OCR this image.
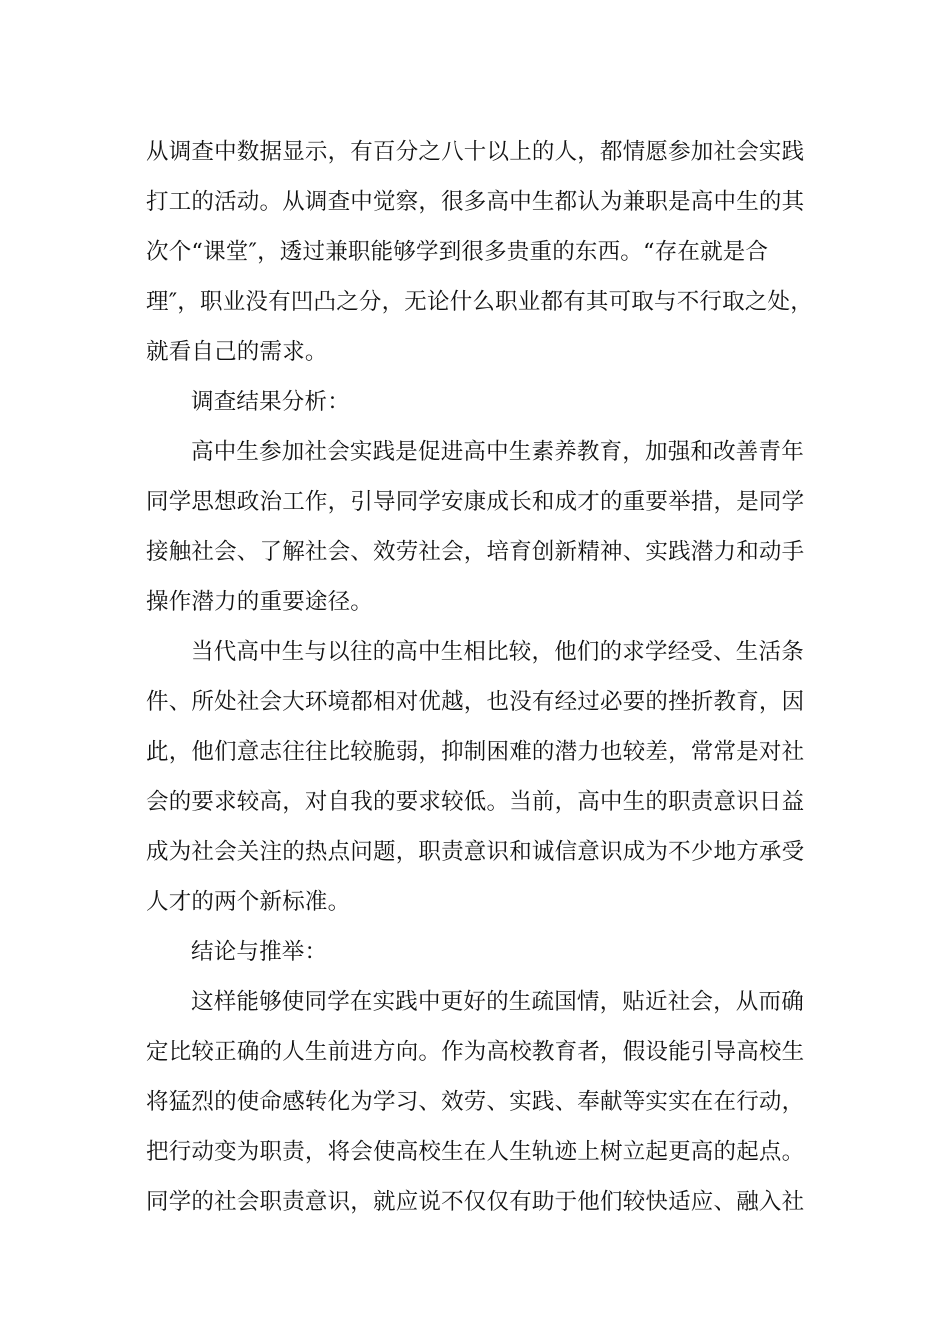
从调查中数据显示，有百分之八十以上的人，都情愿参加社会实践
打工的活动。从调查中觉察，很多高中生都认为兼职是高中生的其
次个“课堂″，透过兼职能够学到很多贵重的东西。“存在就是合
理″，职业没有凹凸之分，无论什么职业都有其可取与不行取之处，
就看自己的需求。
调查结果分析：
高中生参加社会实践是促进高中生素养教育，加强和改善青年
同学思想政治工作，引导同学安康成长和成才的重要举措，是同学
接触社会、了解社会、效劳社会，培育创新精神、实践潜力和动手
操作潜力的重要途径。
当代高中生与以往的高中生相比较，他们的求学经受、生活条
件、所处社会大环境都相对优越，也没有经过必要的挫折教育，因
此，他们意志往往比较脆弱，抑制困难的潜力也较差，常常是对社
会的要求较高，对自我的要求较低。当前，高中生的职责意识日益
成为社会关注的热点问题，职责意识和诚信意识成为不少地方承受
人才的两个新标准。
结论与推举：
这样能够使同学在实践中更好的生疏国情，贴近社会，从而确
定比较正确的人生前进方向。作为高校教育者，假设能引导高校生
将猛烈的使命感转化为学习、效劳、实践、奉献等实实在在行动，
把行动变为职责，将会使高校生在人生轨迹上树立起更高的起点。
同学的社会职责意识，就应说不仅仅有助于他们较快适应、融入社
